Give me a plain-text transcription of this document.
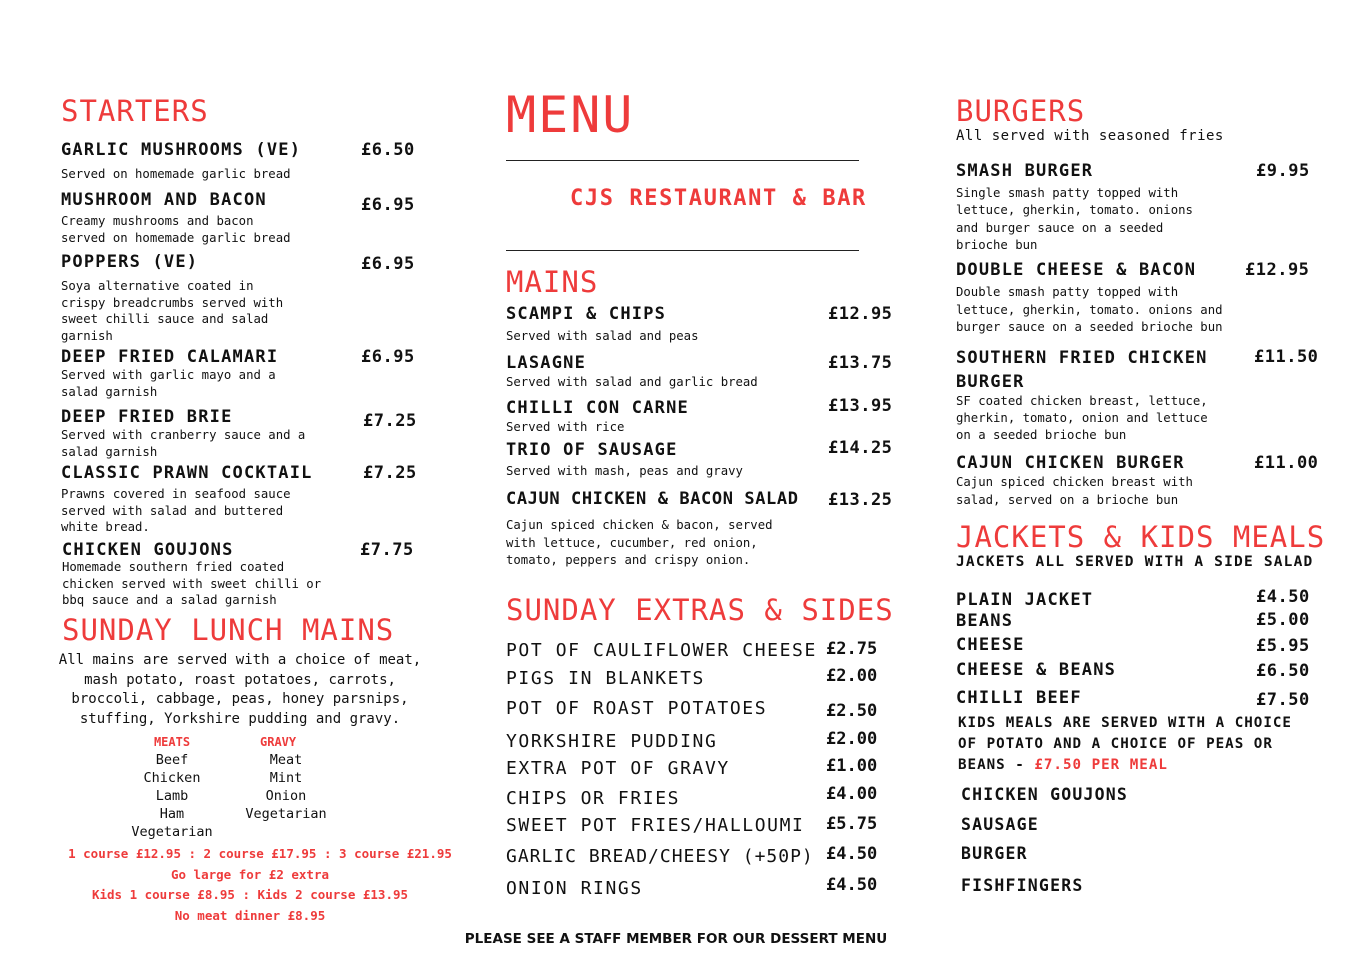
STARTERS
GARLIC MUSHROOMS (VE)	£6.50
Served on homemade garlic bread
MUSHROOM AND BACON	£6.95
Creamy mushrooms and bacon
served on homemade garlic bread
POPPERS (VE)	£6.95
Soya alternative coated in
crispy breadcrumbs served with
sweet chilli sauce and salad
garnish
DEEP FRIED CALAMARI	£6.95
Served with garlic mayo and a
salad garnish
DEEP FRIED BRIE	£7.25
Served with cranberry sauce and a
salad garnish
CLASSIC PRAWN COCKTAIL	£7.25
Prawns covered in seafood sauce
served with salad and buttered
white bread.
CHICKEN GOUJONS	£7.75
Homemade southern fried coated
chicken served with sweet chilli or
bbq sauce and a salad garnish
SUNDAY LUNCH MAINS
All mains are served with a choice of meat,
mash potato, roast potatoes, carrots,
broccoli, cabbage, peas, honey parsnips,
stuffing, Yorkshire pudding and gravy.
MEATS
Beef
Chicken
Lamb
Ham
Vegetarian
GRAVY
Meat
Mint
Onion
Vegetarian
1 course £12.95 : 2 course £17.95 : 3 course £21.95
Go large for £2 extra
Kids 1 course £8.95 : Kids 2 course £13.95
No meat dinner £8.95
MENU
CJS RESTAURANT & BAR
MAINS
SCAMPI & CHIPS	£12.95
Served with salad and peas
LASAGNE	£13.75
Served with salad and garlic bread
CHILLI CON CARNE	£13.95
Served with rice
TRIO OF SAUSAGE	£14.25
Served with mash, peas and gravy
CAJUN CHICKEN & BACON SALAD £13.25
Cajun spiced chicken & bacon, served
with lettuce, cucumber, red onion,
tomato, peppers and crispy onion.
SUNDAY EXTRAS & SIDES
POT OF CAULIFLOWER CHEESE £2.75
PIGS IN BLANKETS	£2.00
POT OF ROAST POTATOES	£2.50
YORKSHIRE PUDDING	£2.00
EXTRA POT OF GRAVY	£1.00
CHIPS OR FRIES	£4.00
SWEET POT FRIES/HALLOUMI £5.75
GARLIC BREAD/CHEESY (+50P) £4.50
ONION RINGS	£4.50
BURGERS
All served with seasoned fries
SMASH BURGER	£9.95
Single smash patty topped with
lettuce, gherkin, tomato. onions
and burger sauce on a seeded
brioche bun
DOUBLE CHEESE & BACON	£12.95
Double smash patty topped with
lettuce, gherkin, tomato. onions and
burger sauce on a seeded brioche bun
SOUTHERN FRIED CHICKEN
BURGER
£11.50
SF coated chicken breast, lettuce,
gherkin, tomato, onion and lettuce
on a seeded brioche bun
CAJUN CHICKEN BURGER	£11.00
Cajun spiced chicken breast with
salad, served on a brioche bun
JACKETS & KIDS MEALS
JACKETS ALL SERVED WITH A SIDE SALAD
PLAIN JACKET	£4.50
BEANS	£5.00
CHEESE	£5.95
CHEESE & BEANS	£6.50
CHILLI BEEF	£7.50
KIDS MEALS ARE SERVED WITH A CHOICE
OF POTATO AND A CHOICE OF PEAS OR
BEANS - £7.50 PER MEAL
CHICKEN GOUJONS
SAUSAGE
BURGER
FISHFINGERS
PLEASE SEE A STAFF MEMBER FOR OUR DESSERT MENU
